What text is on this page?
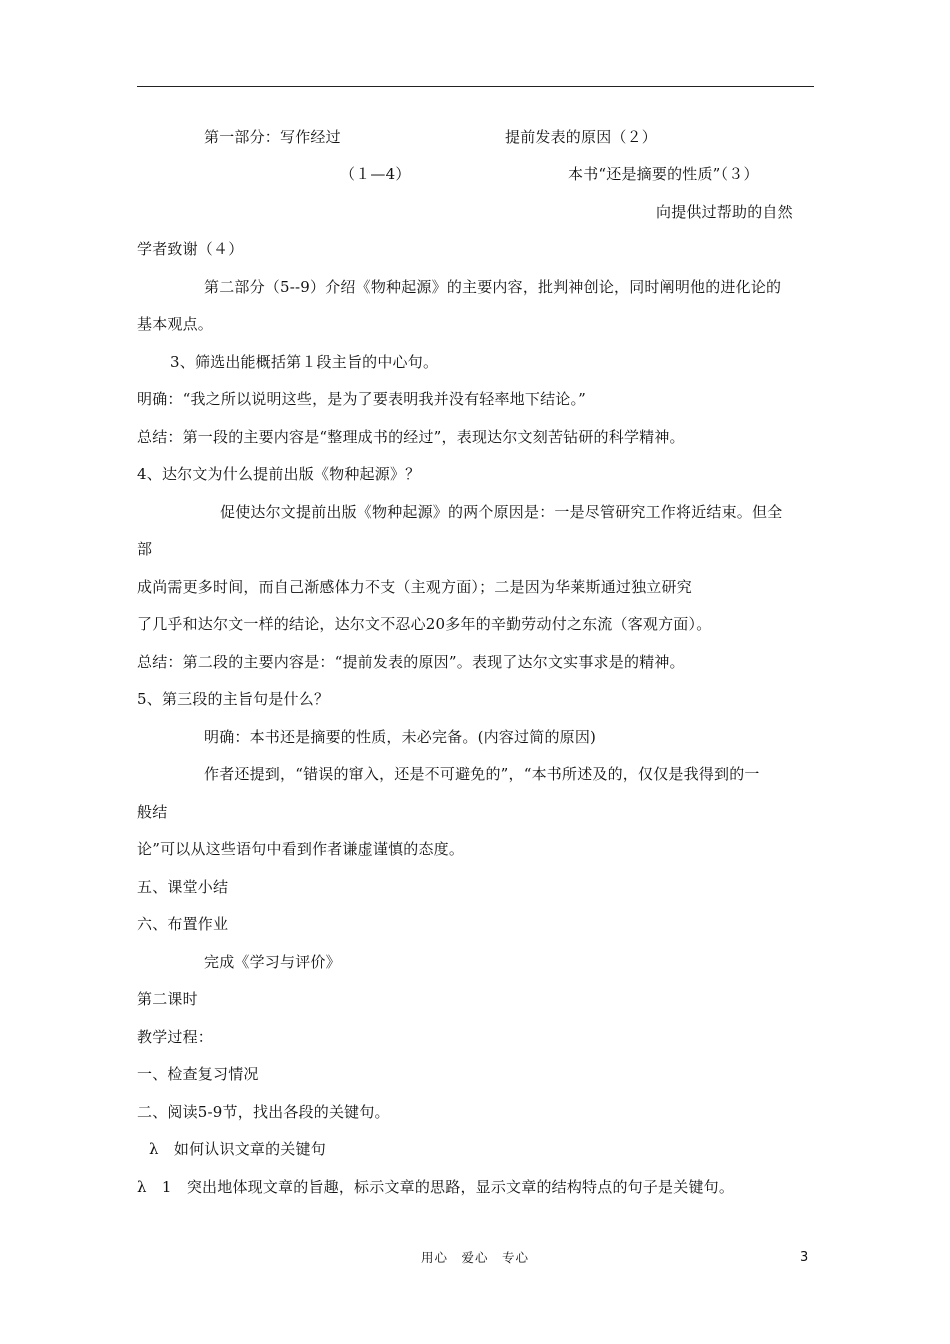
第一部分：写作经过	提前发表的原因（２）
（１—4）	本书“还是摘要的性质”（３）
向提供过帮助的自然
学者致谢（４）
第二部分（5--9）介绍《物种起源》的主要内容，批判神创论，同时阐明他的进化论的
基本观点。
3、筛选出能概括第１段主旨的中心句。
明确：“我之所以说明这些，是为了要表明我并没有轻率地下结论。”
总结：第一段的主要内容是“整理成书的经过”，表现达尔文刻苦钻研的科学精神。
4、达尔文为什么提前出版《物种起源》？
促使达尔文提前出版《物种起源》的两个原因是：一是尽管研究工作将近结束。但全
部
成尚需更多时间，而自己渐感体力不支（主观方面）；二是因为华莱斯通过独立研究
了几乎和达尔文一样的结论，达尔文不忍心20多年的辛勤劳动付之东流（客观方面）。
总结：第二段的主要内容是：“提前发表的原因”。表现了达尔文实事求是的精神。
5、第三段的主旨句是什么？
明确：本书还是摘要的性质，未必完备。(内容过简的原因)
作者还提到，“错误的窜入，还是不可避免的”，“本书所述及的，仅仅是我得到的一
般结
论”可以从这些语句中看到作者谦虚谨慎的态度。
五、课堂小结
六、布置作业
完成《学习与评价》
第二课时
教学过程：
一、检查复习情况
二、阅读5-9节，找出各段的关键句。
λ　如何认识文章的关键句
λ　1　突出地体现文章的旨趣，标示文章的思路，显示文章的结构特点的句子是关键句。
用心　爱心　专心	3
